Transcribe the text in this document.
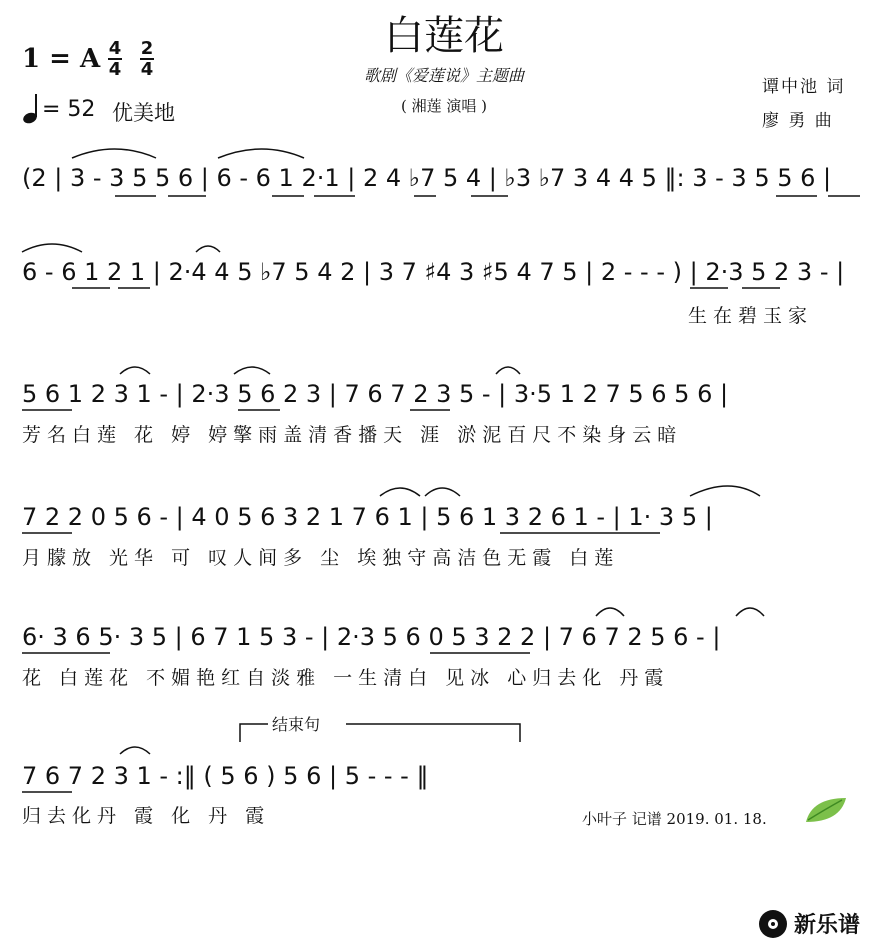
白莲花
歌剧《爱莲说》主题曲
( 湘莲 演唱 )
谭中池 词
廖 勇 曲
1 = A 4
4
2
4
= 52 优美地
(2 | 3 - 3 5 5 6 | 6 - 6 1 2·1 | 2 4 ♭7 5 4 | ♭3 ♭7 3 4 4 5 ‖: 3 - 3 5 5 6 |
6 - 6 1 2 1 | 2·4 4 5 ♭7 5 4 2 | 3 7 ♯4 3 ♯5 4 7 5 | 2 - - - ) | 2·3 5 2 3 - |
生在碧玉家
5 6 1 2 3 1 - | 2·3 5 6 2 3 | 7 6 7 2 3 5 - | 3·5 1 2 7 5 6 5 6 |
芳名白莲 花 婷 婷擎雨盖清香播天 涯 淤泥百尺不染身云暗
7 2 2 0 5 6 - | 4 0 5 6 3 2 1 7 6 1 | 5 6 1 3 2 6 1 - | 1· 3 5 |
月朦放 光华 可 叹人间多 尘 埃独守高洁色无霞 白莲
6· 3 6 5· 3 5 | 6 7 1 5 3 - | 2·3 5 6 0 5 3 2 2 | 7 6 7 2 5 6 - |
花 白莲花 不媚艳红自淡雅 一生清白 见冰 心归去化 丹霞
结束句
7 6 7 2 3 1 - :‖ ( 5 6 ) 5 6 | 5 - - - ‖
归去化丹 霞 化 丹 霞	小叶子 记谱 2019. 01. 18.
新乐谱
